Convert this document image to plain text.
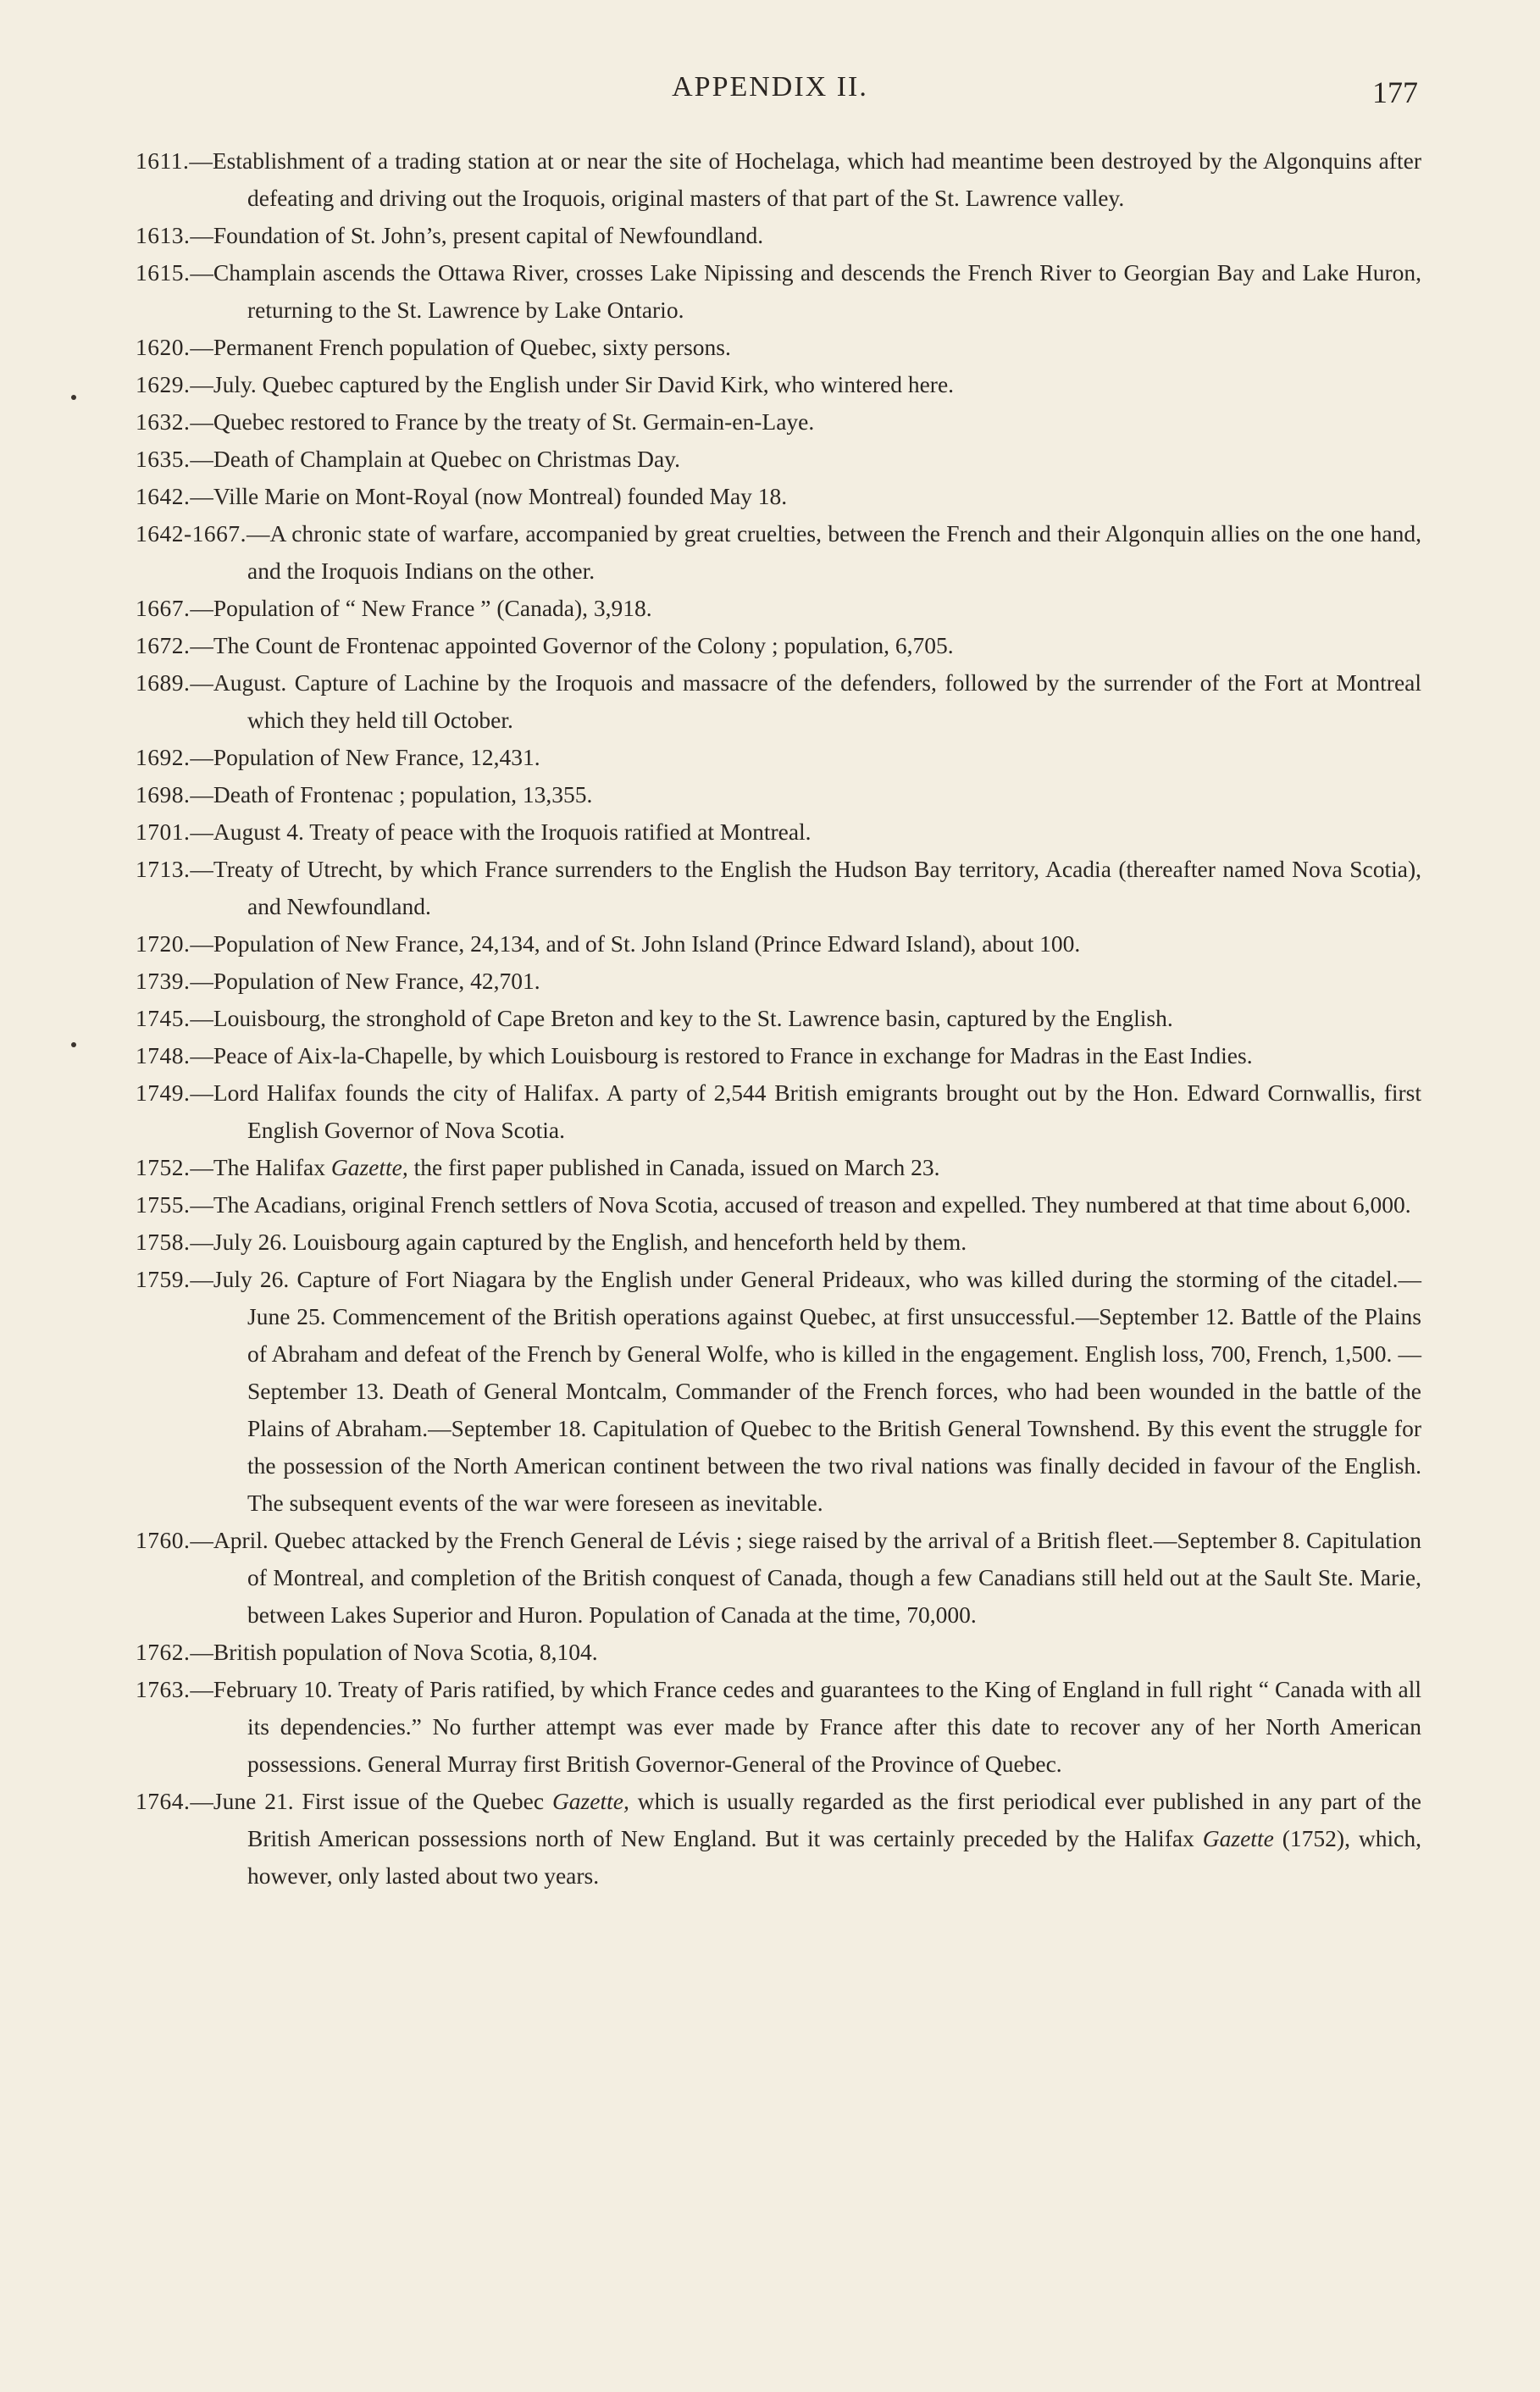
APPENDIX II.	177

1611.—Establishment of a trading station at or near the site of Hochelaga, which had meantime been destroyed by the Algonquins after defeating and driving out the Iroquois, original masters of that part of the St. Lawrence valley.

1613.—Foundation of St. John’s, present capital of Newfoundland.

1615.—Champlain ascends the Ottawa River, crosses Lake Nipissing and descends the French River to Georgian Bay and Lake Huron, returning to the St. Lawrence by Lake Ontario.

1620.—Permanent French population of Quebec, sixty persons.

1629.—July. Quebec captured by the English under Sir David Kirk, who wintered here.

1632.—Quebec restored to France by the treaty of St. Germain-en-Laye.

1635.—Death of Champlain at Quebec on Christmas Day.

1642.—Ville Marie on Mont-Royal (now Montreal) founded May 18.

1642-1667.—A chronic state of warfare, accompanied by great cruelties, between the French and their Algonquin allies on the one hand, and the Iroquois Indians on the other.

1667.—Population of “ New France ” (Canada), 3,918.

1672.—The Count de Frontenac appointed Governor of the Colony ; population, 6,705.

1689.—August. Capture of Lachine by the Iroquois and massacre of the defenders, followed by the surrender of the Fort at Montreal which they held till October.

1692.—Population of New France, 12,431.

1698.—Death of Frontenac ; population, 13,355.

1701.—August 4. Treaty of peace with the Iroquois ratified at Montreal.

1713.—Treaty of Utrecht, by which France surrenders to the English the Hudson Bay territory, Acadia (thereafter named Nova Scotia), and Newfoundland.

1720.—Population of New France, 24,134, and of St. John Island (Prince Edward Island), about 100.

1739.—Population of New France, 42,701.

1745.—Louisbourg, the stronghold of Cape Breton and key to the St. Lawrence basin, captured by the English.

1748.—Peace of Aix-la-Chapelle, by which Louisbourg is restored to France in exchange for Madras in the East Indies.

1749.—Lord Halifax founds the city of Halifax. A party of 2,544 British emigrants brought out by the Hon. Edward Cornwallis, first English Governor of Nova Scotia.

1752.—The Halifax Gazette, the first paper published in Canada, issued on March 23.

1755.—The Acadians, original French settlers of Nova Scotia, accused of treason and expelled. They numbered at that time about 6,000.

1758.—July 26. Louisbourg again captured by the English, and henceforth held by them.

1759.—July 26. Capture of Fort Niagara by the English under General Prideaux, who was killed during the storming of the citadel.—June 25. Commencement of the British operations against Quebec, at first unsuccessful.—September 12. Battle of the Plains of Abraham and defeat of the French by General Wolfe, who is killed in the engagement. English loss, 700, French, 1,500. —September 13. Death of General Montcalm, Commander of the French forces, who had been wounded in the battle of the Plains of Abraham.—September 18. Capitulation of Quebec to the British General Townshend. By this event the struggle for the possession of the North American continent between the two rival nations was finally decided in favour of the English. The subsequent events of the war were foreseen as inevitable.

1760.—April. Quebec attacked by the French General de Lévis ; siege raised by the arrival of a British fleet.—September 8. Capitulation of Montreal, and completion of the British conquest of Canada, though a few Canadians still held out at the Sault Ste. Marie, between Lakes Superior and Huron. Population of Canada at the time, 70,000.

1762.—British population of Nova Scotia, 8,104.

1763.—February 10. Treaty of Paris ratified, by which France cedes and guarantees to the King of England in full right “ Canada with all its dependencies.” No further attempt was ever made by France after this date to recover any of her North American possessions. General Murray first British Governor-General of the Province of Quebec.

1764.—June 21. First issue of the Quebec Gazette, which is usually regarded as the first periodical ever published in any part of the British American possessions north of New England. But it was certainly preceded by the Halifax Gazette (1752), which, however, only lasted about two years.
